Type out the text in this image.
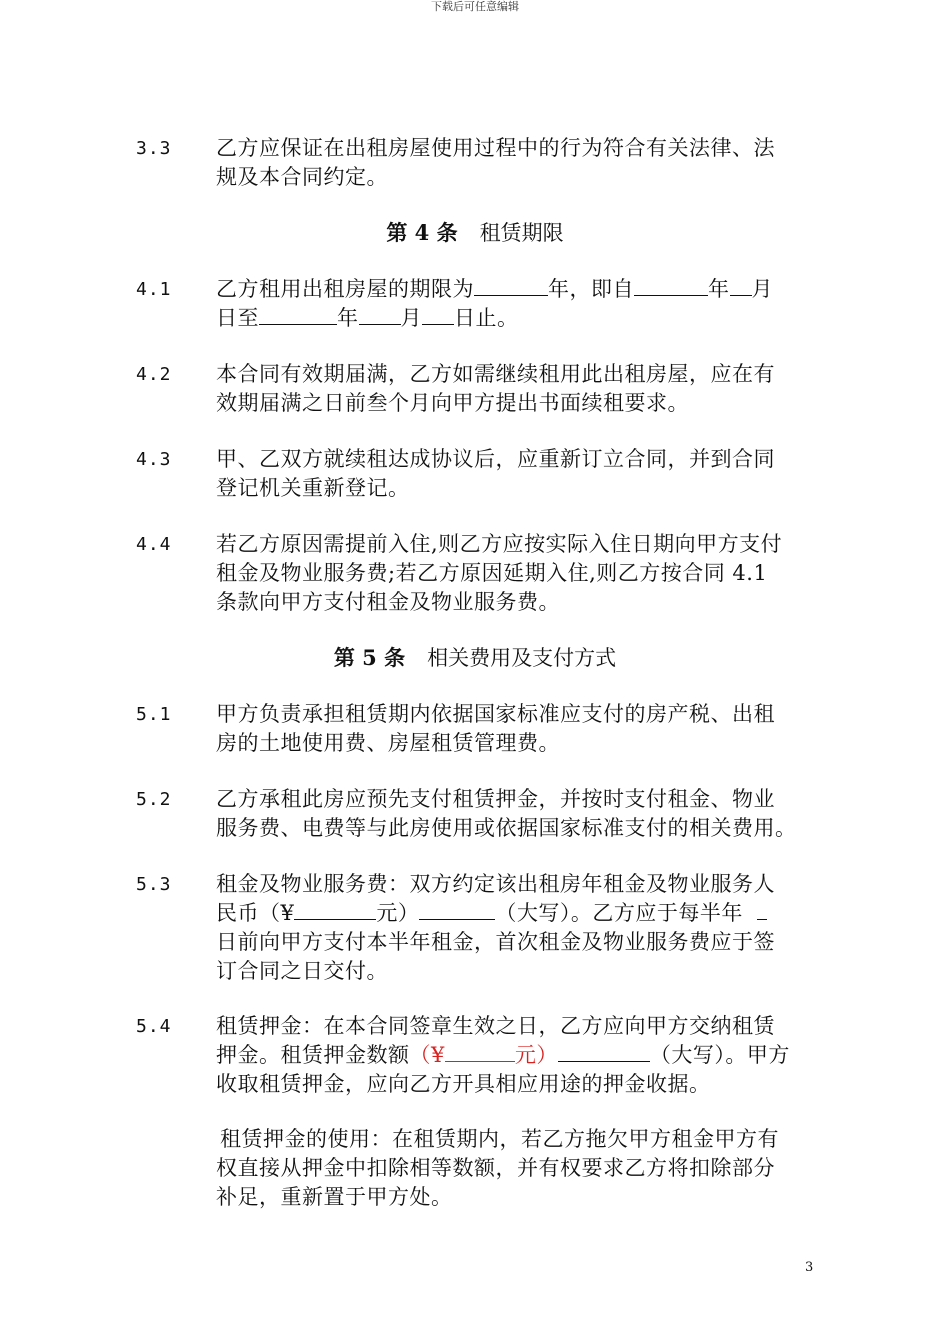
下载后可任意编辑
3.3	乙方应保证在出租房屋使用过程中的行为符合有关法律、法
规及本合同约定。
第 4 条 租赁期限
4.1	乙方租用出租房屋的期限为	年，即自	年 月
日至	年 月 日止。
4.2	本合同有效期届满，乙方如需继续租用此出租房屋，应在有
效期届满之日前叁个月向甲方提出书面续租要求。
4.3	甲、乙双方就续租达成协议后，应重新订立合同，并到合同
登记机关重新登记。
4.4	若乙方原因需提前入住,则乙方应按实际入住日期向甲方支付
租金及物业服务费;若乙方原因延期入住,则乙方按合同 4.1
条款向甲方支付租金及物业服务费。
第 5 条 相关费用及支付方式
5.1	甲方负责承担租赁期内依据国家标准应支付的房产税、出租
房的土地使用费、房屋租赁管理费。
5.2	乙方承租此房应预先支付租赁押金，并按时支付租金、物业
服务费、电费等与此房使用或依据国家标准支付的相关费用。
5.3	租金及物业服务费：双方约定该出租房年租金及物业服务人
民币（¥	元）	（大写）。乙方应于每半年
日前向甲方支付本半年租金，首次租金及物业服务费应于签
订合同之日交付。
5.4	租赁押金：在本合同签章生效之日，乙方应向甲方交纳租赁
押金。租赁押金数额（¥	元）	（大写）。甲方
收取租赁押金，应向乙方开具相应用途的押金收据。
租赁押金的使用：在租赁期内，若乙方拖欠甲方租金甲方有
权直接从押金中扣除相等数额，并有权要求乙方将扣除部分
补足，重新置于甲方处。
3
